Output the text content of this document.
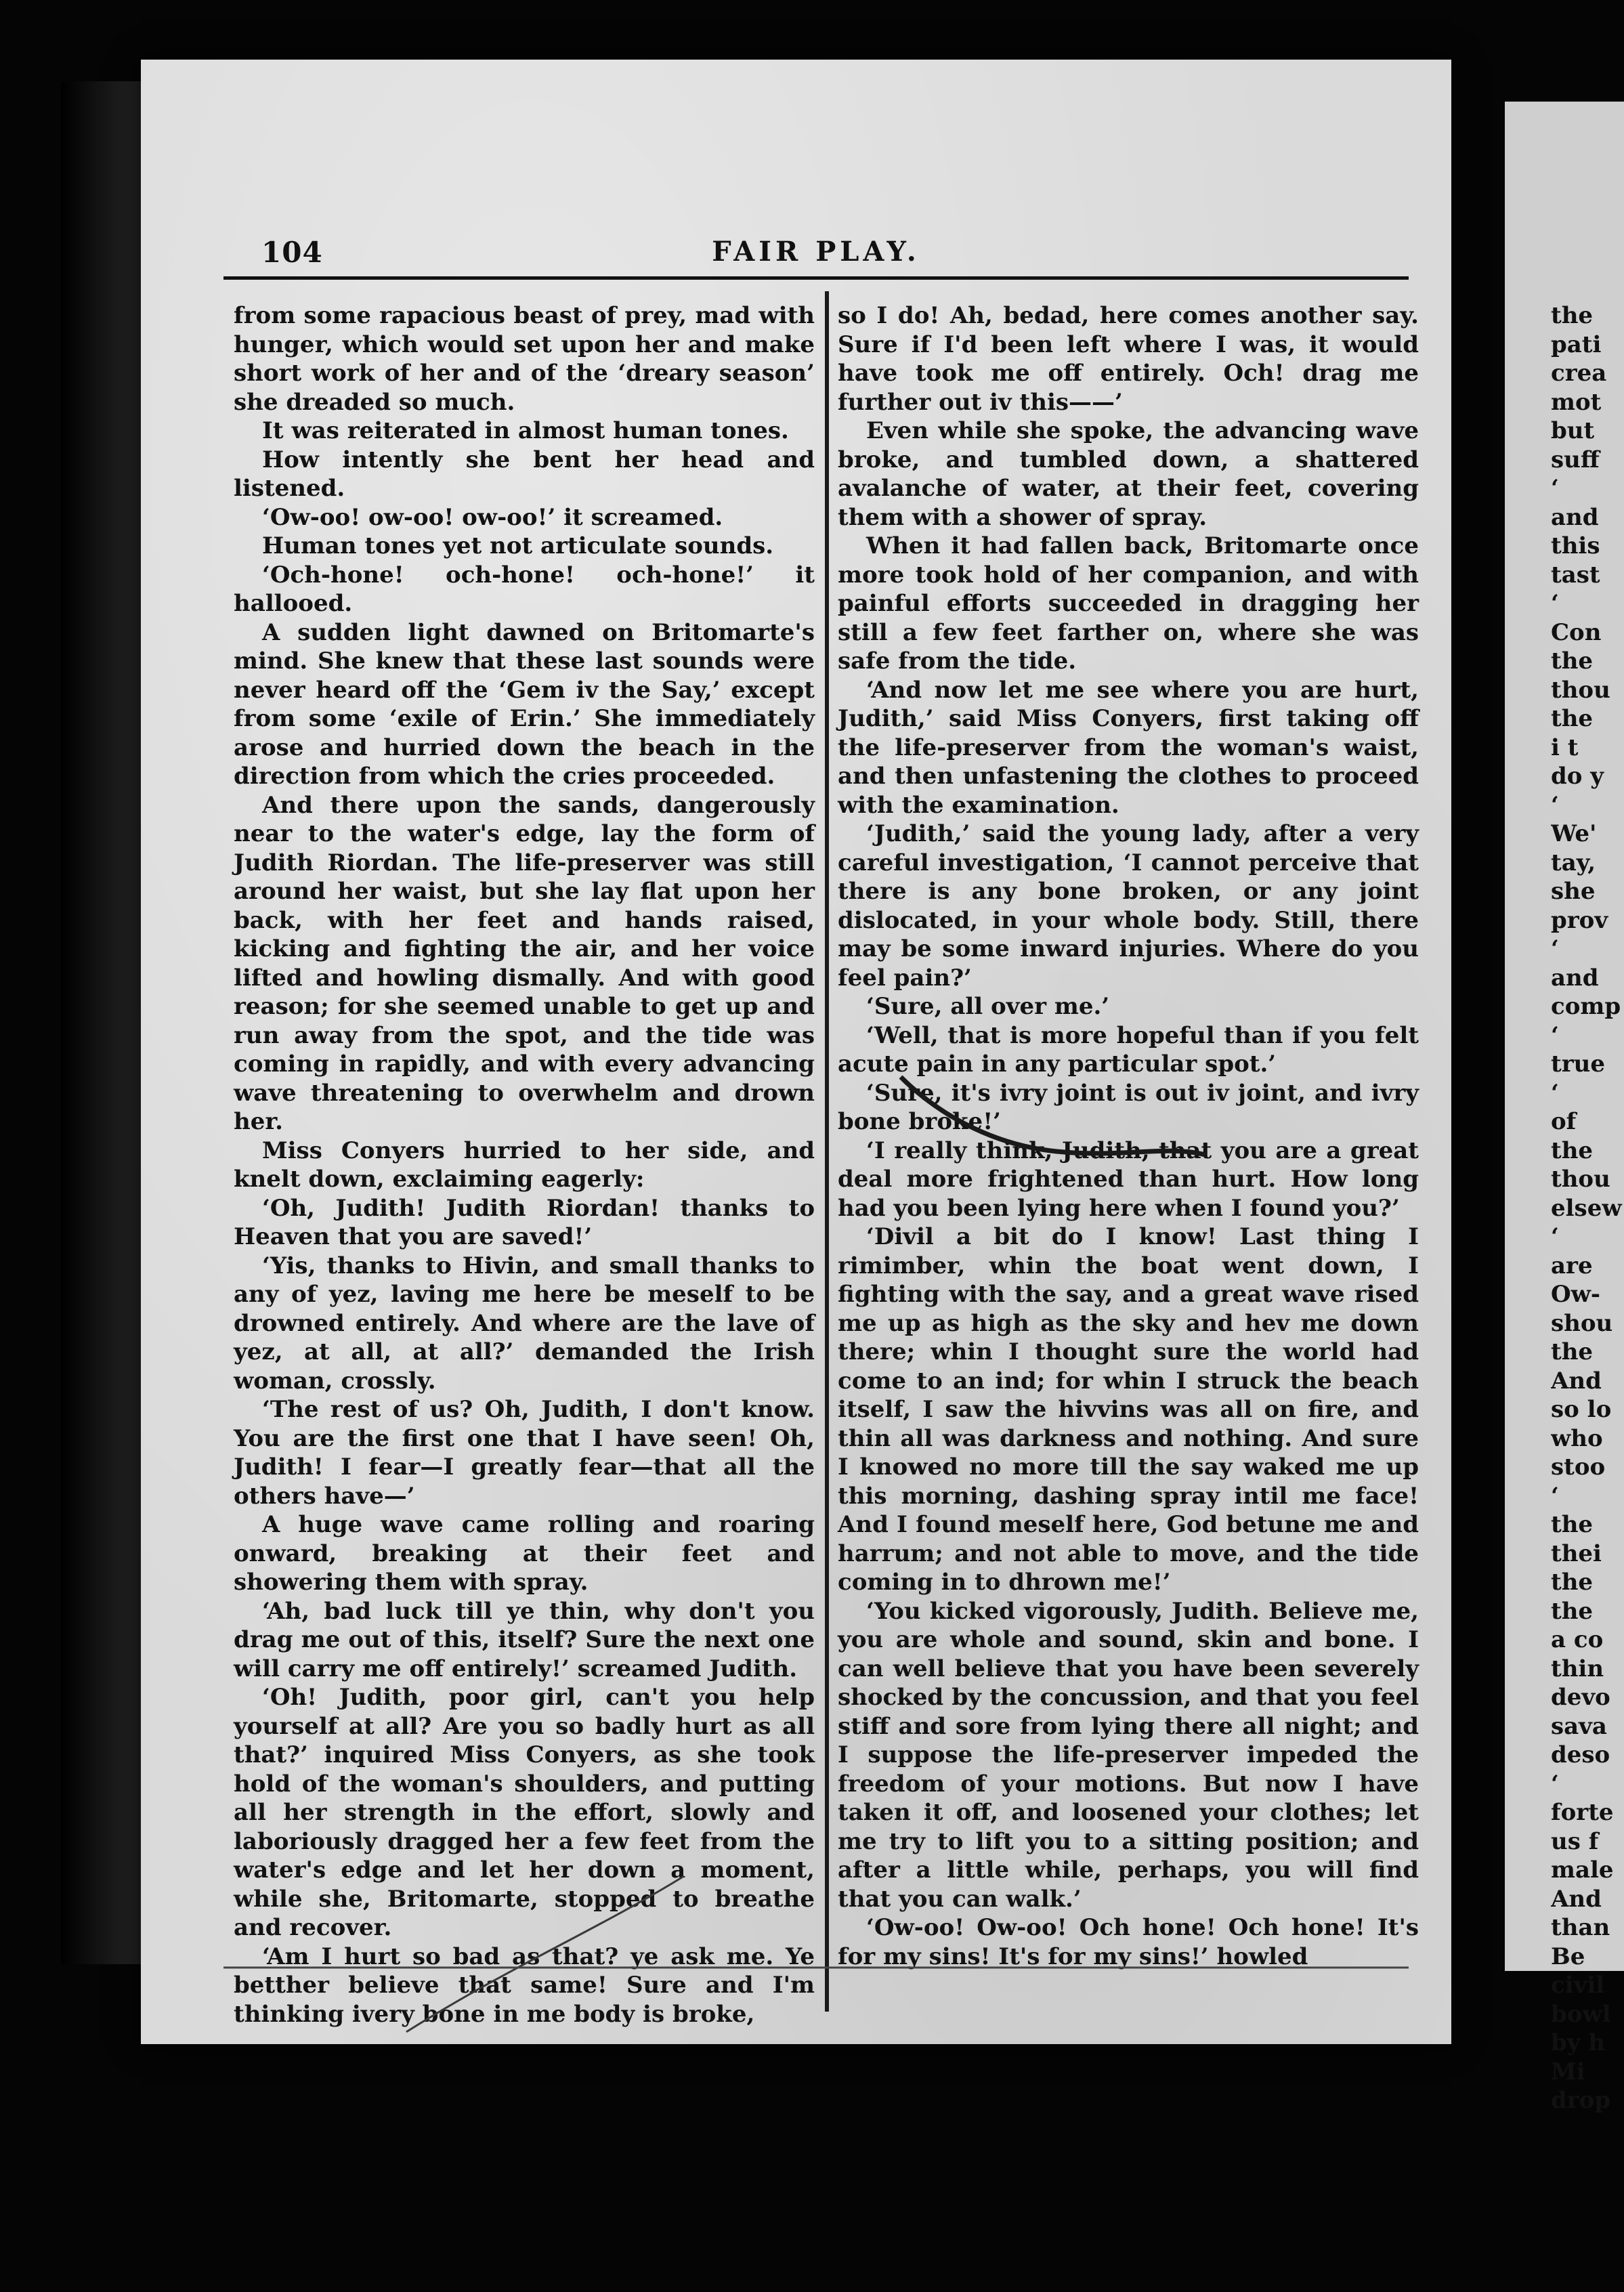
the
pati
crea
mot
but
suff
‘
and
this
tast
‘
Con
the
thou
the
i t
do y
‘
We'
tay,
she
prov
‘
and
comp
‘
true
‘
of
the
thou
elsew
‘
are
Ow-
shou
the
And
so lo
who
stoo
‘
the
thei
the
the
a co
thin
devo
sava
deso
‘
forte
us f
male
And
than
Be
civil
bowl
by h
Mi
drop
104	FAIR PLAY.

from some rapacious beast of prey, mad with hunger, which would set upon her and make short work of her and of the ‘dreary season’ she dreaded so much.

It was reiterated in almost human tones.

How intently she bent her head and listened.

‘Ow-oo! ow-oo! ow-oo!’ it screamed.

Human tones yet not articulate sounds.

‘Och-hone! och-hone! och-hone!’ it hallooed.

A sudden light dawned on Britomarte's mind. She knew that these last sounds were never heard off the ‘Gem iv the Say,’ except from some ‘exile of Erin.’ She immediately arose and hurried down the beach in the direction from which the cries proceeded.

And there upon the sands, dangerously near to the water's edge, lay the form of Judith Riordan. The life-preserver was still around her waist, but she lay flat upon her back, with her feet and hands raised, kicking and fighting the air, and her voice lifted and howling dismally. And with good reason; for she seemed unable to get up and run away from the spot, and the tide was coming in rapidly, and with every advancing wave threatening to overwhelm and drown her.

Miss Conyers hurried to her side, and knelt down, exclaiming eagerly:

‘Oh, Judith! Judith Riordan! thanks to Heaven that you are saved!’

‘Yis, thanks to Hivin, and small thanks to any of yez, laving me here be meself to be drowned entirely. And where are the lave of yez, at all, at all?’ demanded the Irish woman, crossly.

‘The rest of us? Oh, Judith, I don't know. You are the first one that I have seen! Oh, Judith! I fear—I greatly fear—that all the others have—’

A huge wave came rolling and roaring onward, breaking at their feet and showering them with spray.

‘Ah, bad luck till ye thin, why don't you drag me out of this, itself? Sure the next one will carry me off entirely!’ screamed Judith.

‘Oh! Judith, poor girl, can't you help yourself at all? Are you so badly hurt as all that?’ inquired Miss Conyers, as she took hold of the woman's shoulders, and putting all her strength in the effort, slowly and laboriously dragged her a few feet from the water's edge and let her down a moment, while she, Britomarte, stopped to breathe and recover.

‘Am I hurt so bad as that? ye ask me. Ye betther believe that same! Sure and I'm thinking ivery bone in me body is broke,

so I do! Ah, bedad, here comes another say. Sure if I'd been left where I was, it would have took me off entirely. Och! drag me further out iv this——’

Even while she spoke, the advancing wave broke, and tumbled down, a shattered avalanche of water, at their feet, covering them with a shower of spray.

When it had fallen back, Britomarte once more took hold of her companion, and with painful efforts succeeded in dragging her still a few feet farther on, where she was safe from the tide.

‘And now let me see where you are hurt, Judith,’ said Miss Conyers, first taking off the life-preserver from the woman's waist, and then unfastening the clothes to proceed with the examination.

‘Judith,’ said the young lady, after a very careful investigation, ‘I cannot perceive that there is any bone broken, or any joint dislocated, in your whole body. Still, there may be some inward injuries. Where do you feel pain?’

‘Sure, all over me.’

‘Well, that is more hopeful than if you felt acute pain in any particular spot.’

‘Sure, it's ivry joint is out iv joint, and ivry bone broke!’

‘I really think, Judith, that you are a great deal more frightened than hurt. How long had you been lying here when I found you?’

‘Divil a bit do I know! Last thing I rimimber, whin the boat went down, I fighting with the say, and a great wave rised me up as high as the sky and hev me down there; whin I thought sure the world had come to an ind; for whin I struck the beach itself, I saw the hivvins was all on fire, and thin all was darkness and nothing. And sure I knowed no more till the say waked me up this morning, dashing spray intil me face! And I found meself here, God betune me and harrum; and not able to move, and the tide coming in to dhrown me!’

‘You kicked vigorously, Judith. Believe me, you are whole and sound, skin and bone. I can well believe that you have been severely shocked by the concussion, and that you feel stiff and sore from lying there all night; and I suppose the life-preserver impeded the freedom of your motions. But now I have taken it off, and loosened your clothes; let me try to lift you to a sitting position; and after a little while, perhaps, you will find that you can walk.’

‘Ow-oo! Ow-oo! Och hone! Och hone! It's for my sins! It's for my sins!’ howled
